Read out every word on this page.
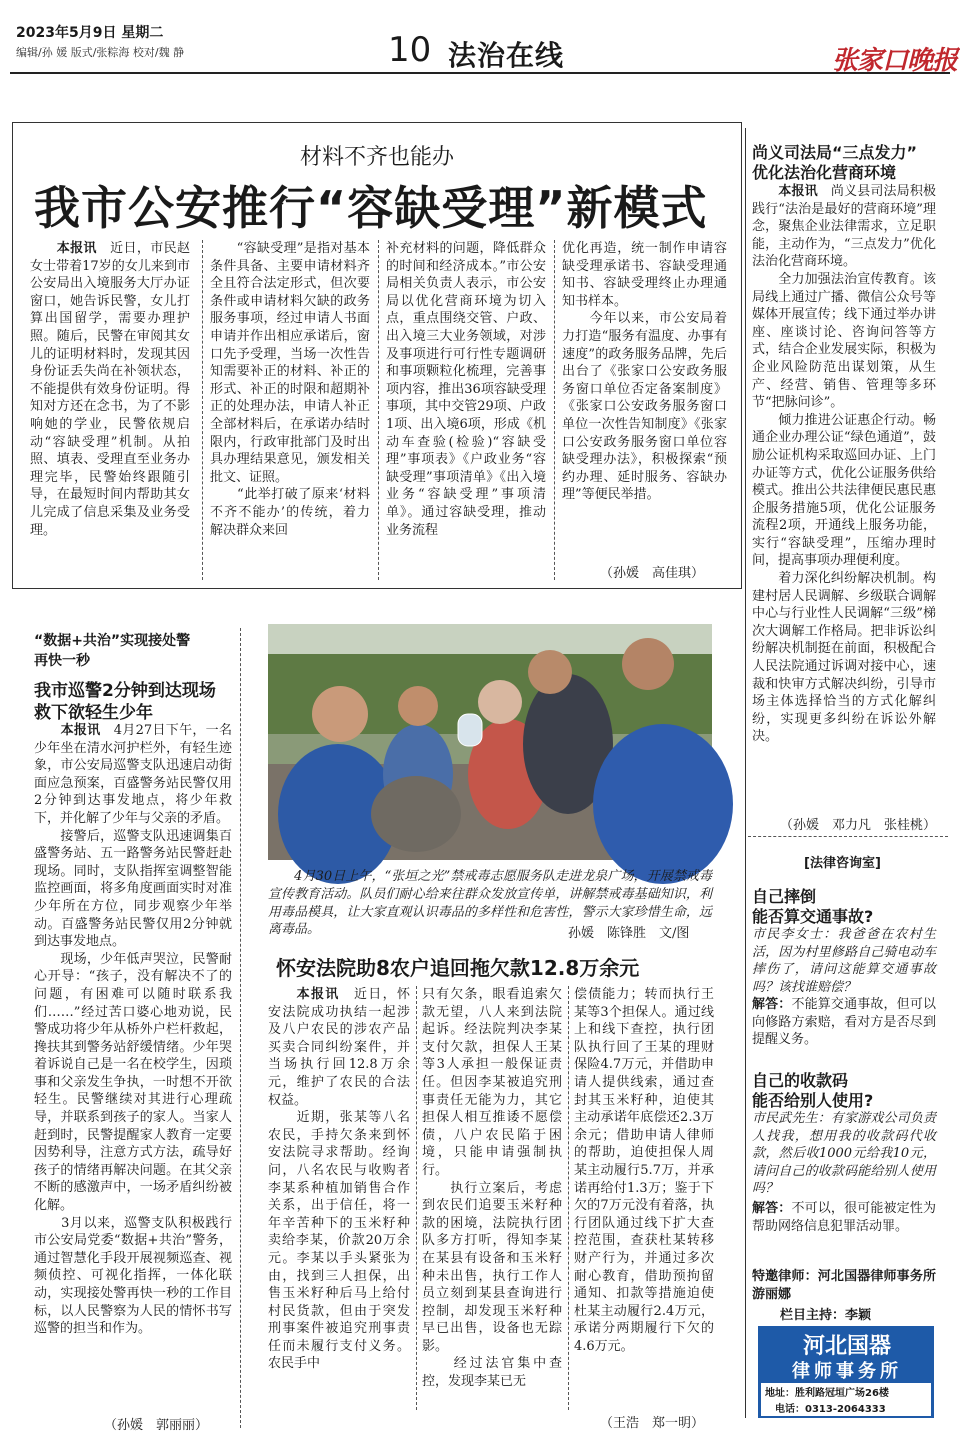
2023年5月9日 星期二
编辑/孙 媛 版式/张粽海 校对/魏 静	10 法治在线	张家口晚报
材料不齐也能办
我市公安推行“容缺受理”新模式
　　本报讯　 近日，市民赵女士带着17岁的女儿来到市公安局出入境服务大厅办证窗口，她告诉民警，女儿打算出国留学，需要办理护照。随后，民警在审阅其女儿的证明材料时，发现其因身份证丢失尚在补领状态，不能提供有效身份证明。得知对方还在念书，为了不影响她的学业，民警依规启动“容缺受理”机制。从拍照、填表、受理直至业务办理完毕，民警始终跟随引导，在最短时间内帮助其女儿完成了信息采集及业务受理。
　　“容缺受理”是指对基本条件具备、主要申请材料齐全且符合法定形式，但次要条件或申请材料欠缺的政务服务事项，经过申请人书面申请并作出相应承诺后，窗口先予受理，当场一次性告知需要补正的材料、补正的形式、补正的时限和超期补正的处理办法，申请人补正全部材料后，在承诺办结时限内，行政审批部门及时出具办理结果意见，颁发相关批文、证照。
　　“此举打破了原来‘材料不齐不能办’的传统，着力解决群众来回
补充材料的问题，降低群众的时间和经济成本。”市公安局相关负责人表示，市公安局以优化营商环境为切入点，重点围绕交管、户政、出入境三大业务领域，对涉及事项进行可行性专题调研和事项颗粒化梳理，完善事项内容，推出36项容缺受理事项，其中交管29项、户政1项、出入境6项，形成《机动车查验(检验)“容缺受理”事项表》《户政业务“容缺受理”事项清单》《出入境业务“容缺受理”事项清单》。通过容缺受理，推动业务流程
优化再造，统一制作申请容缺受理承诺书、容缺受理通知书、容缺受理终止办理通知书样本。
　　今年以来，市公安局着力打造“服务有温度、办事有速度”的政务服务品牌，先后出台了《张家口公安政务服务窗口单位否定备案制度》《张家口公安政务服务窗口单位一次性告知制度》《张家口公安政务服务窗口单位容缺受理办法》，积极探索“预约办理、延时服务、容缺办理”等便民举措。
（孙媛　高佳琪）
尚义司法局“三点发力”
优化法治化营商环境
　　本报讯　 尚义县司法局积极践行“法治是最好的营商环境”理念，聚焦企业法律需求，立足职能，主动作为，“三点发力”优化法治化营商环境。
　　全力加强法治宣传教育。该局线上通过广播、微信公众号等媒体开展宣传；线下通过举办讲座、座谈讨论、咨询问答等方式，结合企业发展实际，积极为企业风险防范出谋划策，从生产、经营、销售、管理等多环节“把脉问诊”。
　　倾力推进公证惠企行动。畅通企业办理公证“绿色通道”，鼓励公证机构采取巡回办证、上门办证等方式，优化公证服务供给模式。推出公共法律便民惠民惠企服务措施5项，优化公证服务流程2项，开通线上服务功能，实行“容缺受理”，压缩办理时间，提高事项办理便利度。
　　着力深化纠纷解决机制。构建村居人民调解、乡级联合调解中心与行业性人民调解“三级”梯次大调解工作格局。把非诉讼纠纷解决机制挺在前面，积极配合人民法院通过诉调对接中心，速裁和快审方式解决纠纷，引导市场主体选择恰当的方式化解纠纷，实现更多纠纷在诉讼外解决。
（孙媛　邓力凡　张桂桃）
[法律咨询室]
自己摔倒
能否算交通事故?
市民李女士：我爸爸在农村生活，因为村里修路自己骑电动车摔伤了，请问这能算交通事故吗？该找谁赔偿？
解答：不能算交通事故，但可以向修路方索赔，看对方是否尽到提醒义务。
自己的收款码
能否给别人使用?
市民武先生：有家游戏公司负责人找我，想用我的收款码代收款，然后收1000元给我10元，请问自己的收款码能给别人使用吗？
解答：不可以，很可能被定性为帮助网络信息犯罪活动罪。
特邀律师：河北国器律师事务所 游丽娜
栏目主持：李颖
河北国器
律师事务所
地址：胜利路冠垣广场26楼
电话：0313-2064333
“数据+共治”实现接处警
再快一秒
我市巡警2分钟到达现场
救下欲轻生少年
　　本报讯　 4月27日下午，一名少年坐在清水河护栏外，有轻生迹象，市公安局巡警支队迅速启动街面应急预案，百盛警务站民警仅用2分钟到达事发地点，将少年救下，并化解了少年与父亲的矛盾。
　　接警后，巡警支队迅速调集百盛警务站、五一路警务站民警赶赴现场。同时，支队指挥室调整智能监控画面，将多角度画面实时对准少年所在方位，同步观察少年举动。百盛警务站民警仅用2分钟就到达事发地点。
　　现场，少年低声哭泣，民警耐心开导：“孩子，没有解决不了的问题，有困难可以随时联系我们……”经过苦口婆心地劝说，民警成功将少年从桥外户栏杆救起，搀扶其到警务站舒缓情绪。少年哭着诉说自己是一名在校学生，因琐事和父亲发生争执，一时想不开欲轻生。民警继续对其进行心理疏导，并联系到孩子的家人。当家人赶到时，民警提醒家人教育一定要因势利导，注意方式方法，疏导好孩子的情绪再解决问题。在其父亲不断的感激声中，一场矛盾纠纷被化解。
　　3月以来，巡警支队积极践行市公安局党委“数据+共治”警务，通过智慧化手段开展视频巡查、视频侦控、可视化指挥，一体化联动，实现接处警再快一秒的工作目标，以人民警察为人民的情怀书写巡警的担当和作为。
（孙媛　郭丽丽）
　　4月30日上午，“张垣之光”禁戒毒志愿服务队走进龙泉广场，开展禁戒毒宣传教育活动。队员们耐心给来往群众发放宣传单，讲解禁戒毒基础知识，利用毒品模具，让大家直观认识毒品的多样性和危害性，警示大家珍惜生命，远离毒品。	孙媛　陈锋胜　文/图
怀安法院助8农户追回拖欠款12.8万余元
　　本报讯　 近日，怀安法院成功执结一起涉及八户农民的涉农产品买卖合同纠纷案件，并当场执行回12.8万余元，维护了农民的合法权益。
　　近期，张某等八名农民，手持欠条来到怀安法院寻求帮助。经询问，八名农民与收购者李某系种植加销售合作关系，出于信任，将一年辛苦种下的玉米籽种卖给李某，价款20万余元。李某以手头紧张为由，找到三人担保，出售玉米籽种后马上给付村民货款，但由于突发刑事案件被追究刑事责任而未履行支付义务。农民手中
只有欠条，眼看追索欠款无望，八人来到法院起诉。经法院判决李某支付欠款，担保人王某等3人承担一般保证责任。但因李某被追究刑事责任无能为力，其它担保人相互推诿不愿偿债，八户农民陷于困境，只能申请强制执行。
　　执行立案后，考虑到农民们追要玉米籽种款的困境，法院执行团队多方打听，得知李某在某县有设备和玉米籽种未出售，执行工作人员立刻到某县查询进行控制，却发现玉米籽种早已出售，设备也无踪影。
　　经过法官集中查控，发现李某已无
偿债能力；转而执行王某等3个担保人。通过线上和线下查控，执行团队执行回了王某的理财保险4.7万元，并借助申请人提供线索，通过查封其玉米籽种，迫使其主动承诺年底偿还2.3万余元；借助申请人律师的帮助，迫使担保人周某主动履行5.7万，并承诺再给付1.3万；鉴于下欠的7万元没有着落，执行团队通过线下扩大查控范围，查获杜某转移财产行为，并通过多次耐心教育，借助预拘留通知、扣款等措施迫使杜某主动履行2.4万元，承诺分两期履行下欠的4.6万元。
（王浩　郑一明）
